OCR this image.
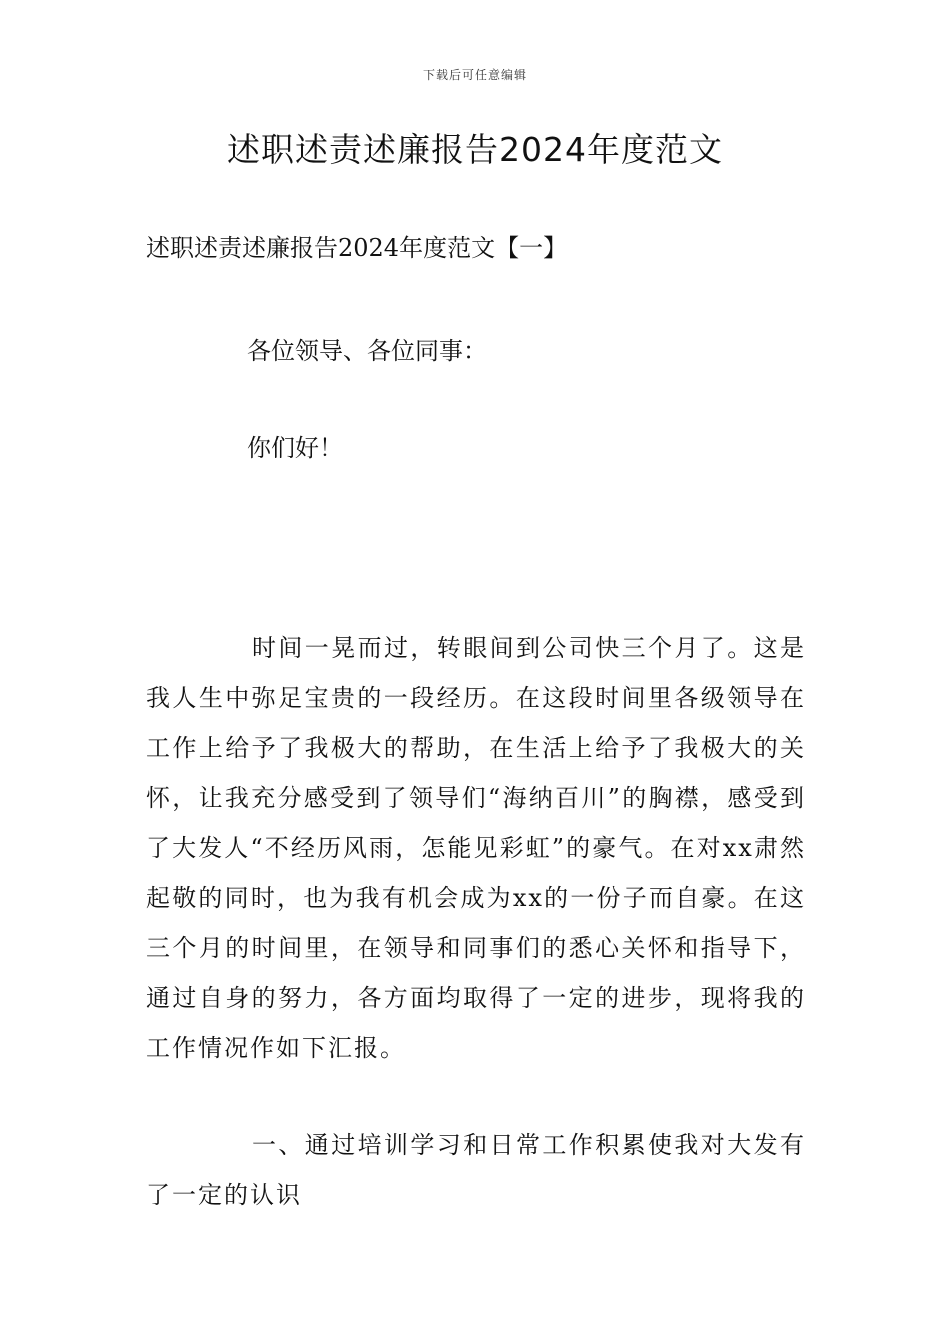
下载后可任意编辑
述职述责述廉报告2024年度范文

述职述责述廉报告2024年度范文【一】

各位领导、各位同事：

你们好！

时间一晃而过，转眼间到公司快三个月了。这是我人生中弥足宝贵的一段经历。在这段时间里各级领导在工作上给予了我极大的帮助，在生活上给予了我极大的关怀，让我充分感受到了领导们“海纳百川”的胸襟，感受到了大发人“不经历风雨，怎能见彩虹”的豪气。在对xx肃然起敬的同时，也为我有机会成为xx的一份子而自豪。在这三个月的时间里，在领导和同事们的悉心关怀和指导下，通过自身的努力，各方面均取得了一定的进步，现将我的工作情况作如下汇报。

一、通过培训学习和日常工作积累使我对大发有了一定的认识
